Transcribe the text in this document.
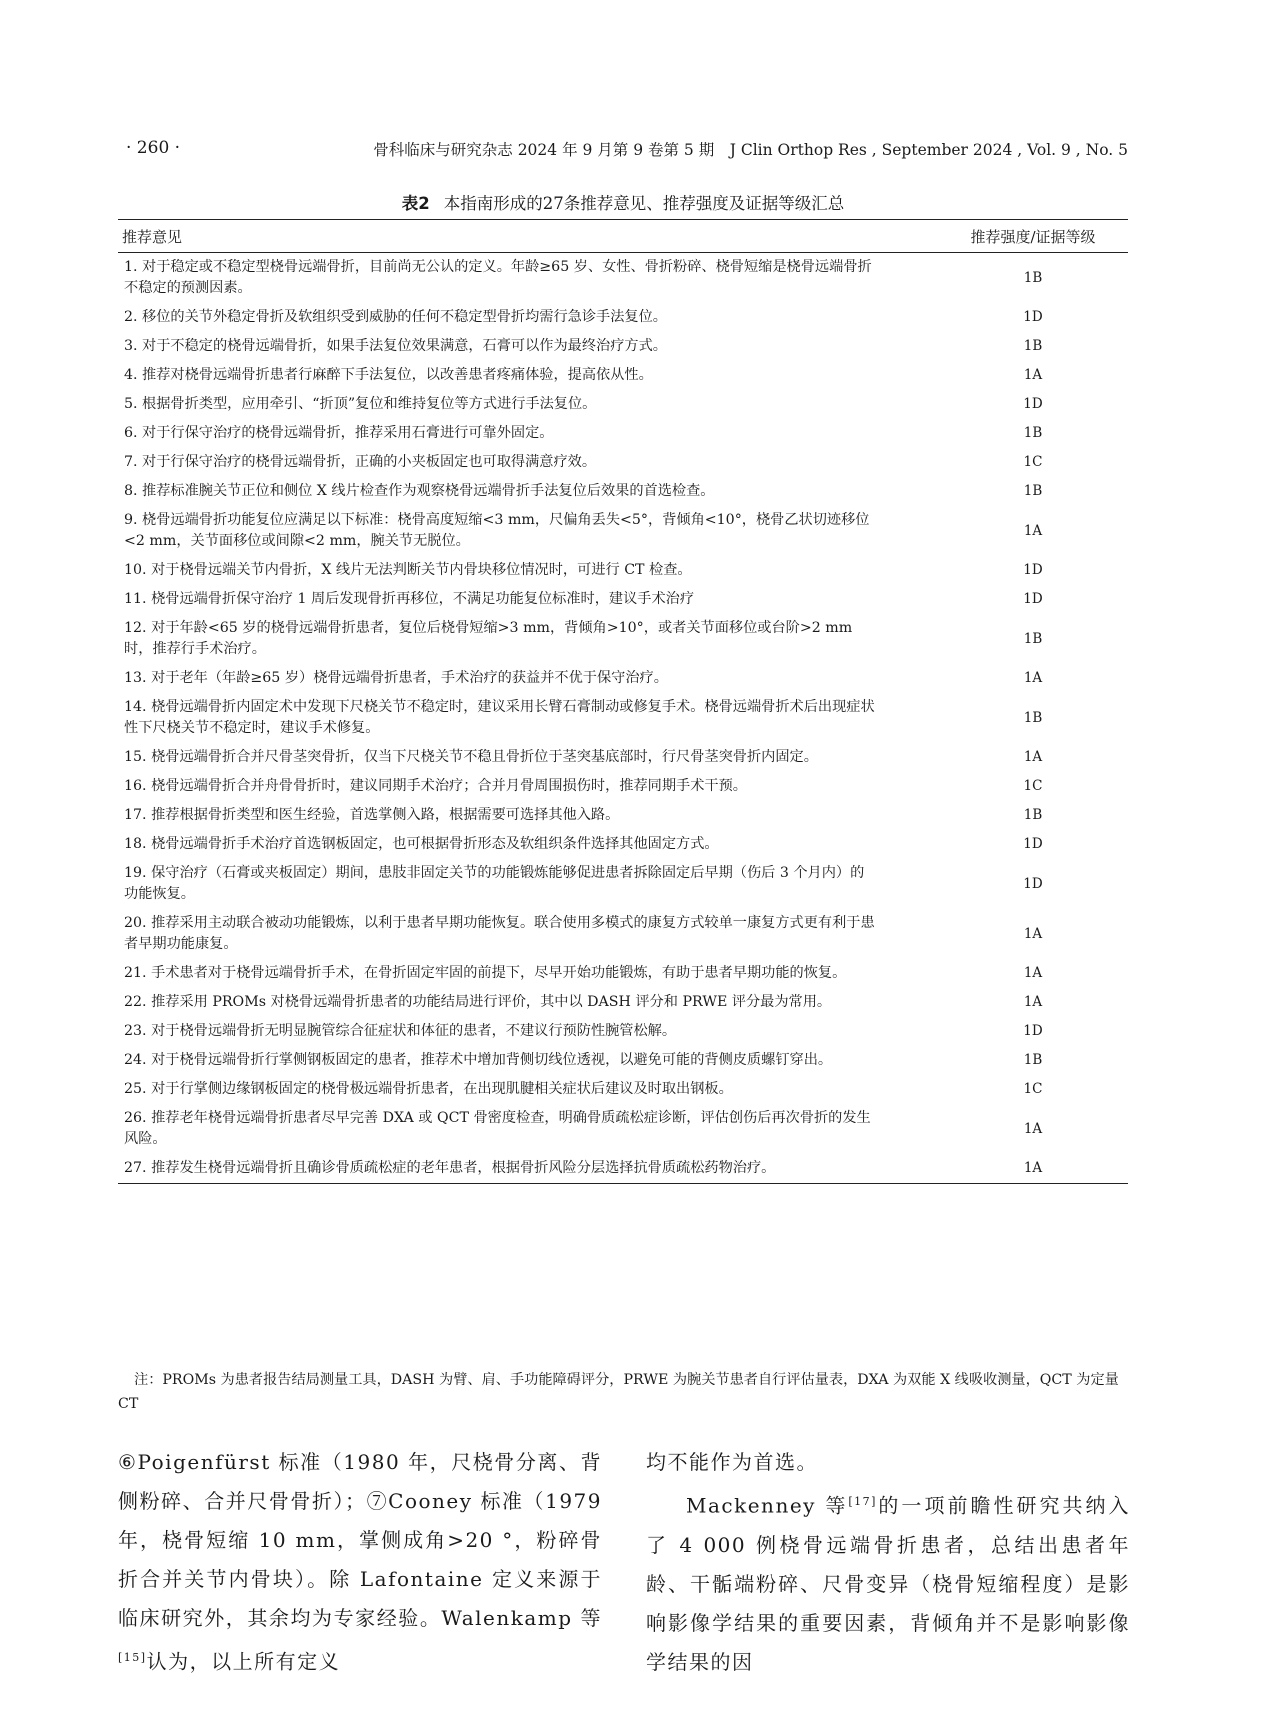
· 260 ·	骨科临床与研究杂志 2024 年 9 月第 9 卷第 5 期　J Clin Orthop Res , September 2024 , Vol. 9 , No. 5
表2 本指南形成的27条推荐意见、推荐强度及证据等级汇总
推荐意见	推荐强度/证据等级
1. 对于稳定或不稳定型桡骨远端骨折，目前尚无公认的定义。年龄≥65 岁、女性、骨折粉碎、桡骨短缩是桡骨远端骨折不稳定的预测因素。	1B
2. 移位的关节外稳定骨折及软组织受到威胁的任何不稳定型骨折均需行急诊手法复位。	1D
3. 对于不稳定的桡骨远端骨折，如果手法复位效果满意，石膏可以作为最终治疗方式。	1B
4. 推荐对桡骨远端骨折患者行麻醉下手法复位，以改善患者疼痛体验，提高依从性。	1A
5. 根据骨折类型，应用牵引、“折顶”复位和维持复位等方式进行手法复位。	1D
6. 对于行保守治疗的桡骨远端骨折，推荐采用石膏进行可靠外固定。	1B
7. 对于行保守治疗的桡骨远端骨折，正确的小夹板固定也可取得满意疗效。	1C
8. 推荐标准腕关节正位和侧位 X 线片检查作为观察桡骨远端骨折手法复位后效果的首选检查。	1B
9. 桡骨远端骨折功能复位应满足以下标准：桡骨高度短缩<3 mm，尺偏角丢失<5°，背倾角<10°，桡骨乙状切迹移位<2 mm，关节面移位或间隙<2 mm，腕关节无脱位。	1A
10. 对于桡骨远端关节内骨折，X 线片无法判断关节内骨块移位情况时，可进行 CT 检查。	1D
11. 桡骨远端骨折保守治疗 1 周后发现骨折再移位，不满足功能复位标准时，建议手术治疗	1D
12. 对于年龄<65 岁的桡骨远端骨折患者，复位后桡骨短缩>3 mm，背倾角>10°，或者关节面移位或台阶>2 mm 时，推荐行手术治疗。	1B
13. 对于老年（年龄≥65 岁）桡骨远端骨折患者，手术治疗的获益并不优于保守治疗。	1A
14. 桡骨远端骨折内固定术中发现下尺桡关节不稳定时，建议采用长臂石膏制动或修复手术。桡骨远端骨折术后出现症状性下尺桡关节不稳定时，建议手术修复。	1B
15. 桡骨远端骨折合并尺骨茎突骨折，仅当下尺桡关节不稳且骨折位于茎突基底部时，行尺骨茎突骨折内固定。	1A
16. 桡骨远端骨折合并舟骨骨折时，建议同期手术治疗；合并月骨周围损伤时，推荐同期手术干预。	1C
17. 推荐根据骨折类型和医生经验，首选掌侧入路，根据需要可选择其他入路。	1B
18. 桡骨远端骨折手术治疗首选钢板固定，也可根据骨折形态及软组织条件选择其他固定方式。	1D
19. 保守治疗（石膏或夹板固定）期间，患肢非固定关节的功能锻炼能够促进患者拆除固定后早期（伤后 3 个月内）的功能恢复。	1D
20. 推荐采用主动联合被动功能锻炼，以利于患者早期功能恢复。联合使用多模式的康复方式较单一康复方式更有利于患者早期功能康复。	1A
21. 手术患者对于桡骨远端骨折手术，在骨折固定牢固的前提下，尽早开始功能锻炼，有助于患者早期功能的恢复。	1A
22. 推荐采用 PROMs 对桡骨远端骨折患者的功能结局进行评价，其中以 DASH 评分和 PRWE 评分最为常用。	1A
23. 对于桡骨远端骨折无明显腕管综合征症状和体征的患者，不建议行预防性腕管松解。	1D
24. 对于桡骨远端骨折行掌侧钢板固定的患者，推荐术中增加背侧切线位透视，以避免可能的背侧皮质螺钉穿出。	1B
25. 对于行掌侧边缘钢板固定的桡骨极远端骨折患者，在出现肌腱相关症状后建议及时取出钢板。	1C
26. 推荐老年桡骨远端骨折患者尽早完善 DXA 或 QCT 骨密度检查，明确骨质疏松症诊断，评估创伤后再次骨折的发生风险。	1A
27. 推荐发生桡骨远端骨折且确诊骨质疏松症的老年患者，根据骨折风险分层选择抗骨质疏松药物治疗。	1A
注：PROMs 为患者报告结局测量工具，DASH 为臂、肩、手功能障碍评分，PRWE 为腕关节患者自行评估量表，DXA 为双能 X 线吸收测量，QCT 为定量 CT
⑥Poigenfürst 标准（1980 年，尺桡骨分离、背侧粉碎、合并尺骨骨折）；⑦Cooney 标准（1979 年，桡骨短缩 10 mm，掌侧成角>20 °，粉碎骨折合并关节内骨块）。除 Lafontaine 定义来源于临床研究外，其余均为专家经验。Walenkamp 等[15]认为，以上所有定义
均不能作为首选。
Mackenney 等[17]的一项前瞻性研究共纳入了 4 000 例桡骨远端骨折患者，总结出患者年龄、干骺端粉碎、尺骨变异（桡骨短缩程度）是影响影像学结果的重要因素，背倾角并不是影响影像学结果的因
